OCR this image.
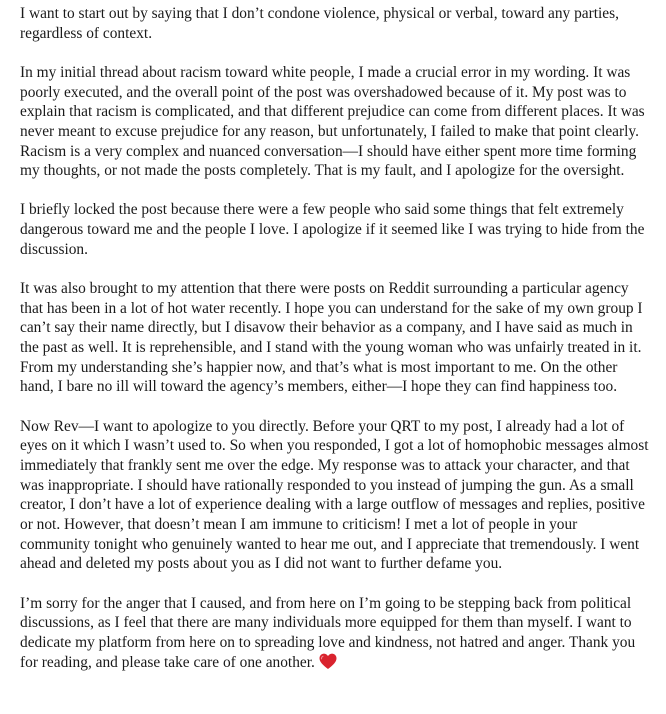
I want to start out by saying that I don’t condone violence, physical or verbal, toward any parties, regardless of context.

In my initial thread about racism toward white people, I made a crucial error in my wording. It was poorly executed, and the overall point of the post was overshadowed because of it. My post was to explain that racism is complicated, and that different prejudice can come from different places. It was never meant to excuse prejudice for any reason, but unfortunately, I failed to make that point clearly. Racism is a very complex and nuanced conversation—I should have either spent more time forming my thoughts, or not made the posts completely. That is my fault, and I apologize for the oversight.

I briefly locked the post because there were a few people who said some things that felt extremely dangerous toward me and the people I love. I apologize if it seemed like I was trying to hide from the discussion.

It was also brought to my attention that there were posts on Reddit surrounding a particular agency that has been in a lot of hot water recently. I hope you can understand for the sake of my own group I can’t say their name directly, but I disavow their behavior as a company, and I have said as much in the past as well. It is reprehensible, and I stand with the young woman who was unfairly treated in it. From my understanding she’s happier now, and that’s what is most important to me. On the other hand, I bare no ill will toward the agency’s members, either—I hope they can find happiness too.

Now Rev—I want to apologize to you directly. Before your QRT to my post, I already had a lot of eyes on it which I wasn’t used to. So when you responded, I got a lot of homophobic messages almost immediately that frankly sent me over the edge. My response was to attack your character, and that was inappropriate. I should have rationally responded to you instead of jumping the gun. As a small creator, I don’t have a lot of experience dealing with a large outflow of messages and replies, positive or not. However, that doesn’t mean I am immune to criticism! I met a lot of people in your community tonight who genuinely wanted to hear me out, and I appreciate that tremendously. I went ahead and deleted my posts about you as I did not want to further defame you.

I’m sorry for the anger that I caused, and from here on I’m going to be stepping back from political discussions, as I feel that there are many individuals more equipped for them than myself. I want to dedicate my platform from here on to spreading love and kindness, not hatred and anger. Thank you for reading, and please take care of one another.
